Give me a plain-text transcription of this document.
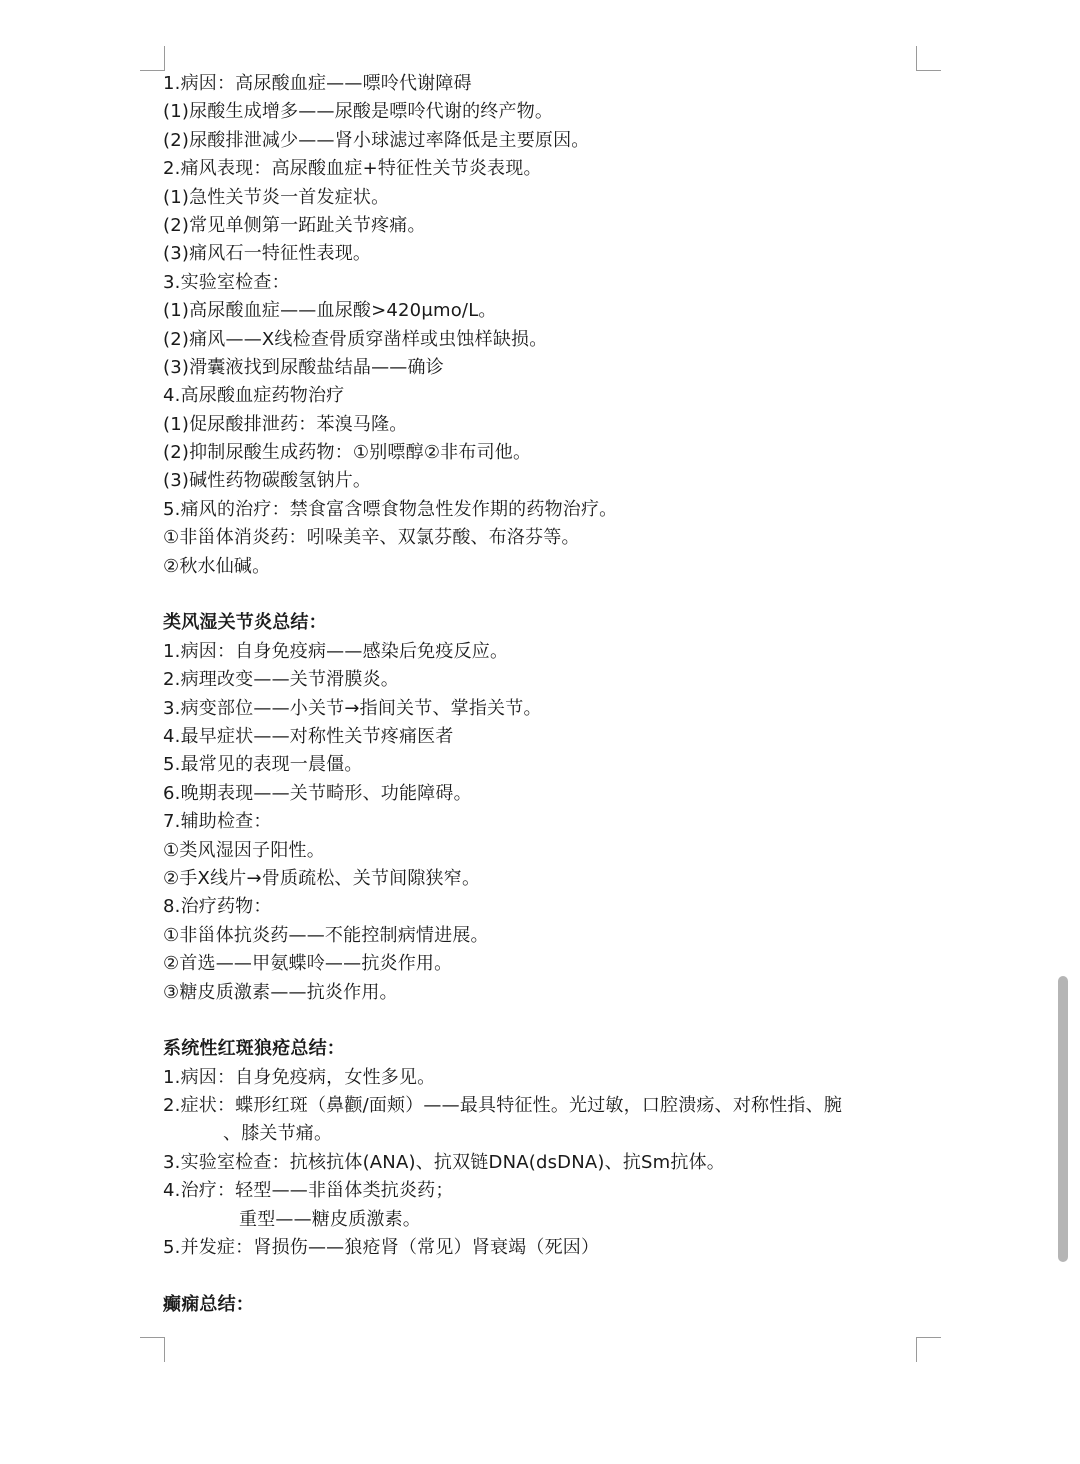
1.病因：高尿酸血症——嘌呤代谢障碍
(1)尿酸生成增多——尿酸是嘌呤代谢的终产物。
(2)尿酸排泄减少——肾小球滤过率降低是主要原因。
2.痛风表现：高尿酸血症+特征性关节炎表现。
(1)急性关节炎一首发症状。
(2)常见单侧第一跖趾关节疼痛。
(3)痛风石一特征性表现。
3.实验室检查：
(1)高尿酸血症——血尿酸>420μmo/L。
(2)痛风——X线检查骨质穿凿样或虫蚀样缺损。
(3)滑囊液找到尿酸盐结晶——确诊
4.高尿酸血症药物治疗
(1)促尿酸排泄药：苯溴马隆。
(2)抑制尿酸生成药物：①别嘌醇②非布司他。
(3)碱性药物碳酸氢钠片。
5.痛风的治疗：禁食富含嘌食物急性发作期的药物治疗。
①非甾体消炎药：吲哚美辛、双氯芬酸、布洛芬等。
②秋水仙碱。
类风湿关节炎总结：
1.病因：自身免疫病——感染后免疫反应。
2.病理改变——关节滑膜炎。
3.病变部位——小关节→指间关节、掌指关节。
4.最早症状——对称性关节疼痛医者
5.最常见的表现一晨僵。
6.晚期表现——关节畸形、功能障碍。
7.辅助检查：
①类风湿因子阳性。
②手X线片→骨质疏松、关节间隙狭窄。
8.治疗药物：
①非甾体抗炎药——不能控制病情进展。
②首选——甲氨蝶呤——抗炎作用。
③糖皮质激素——抗炎作用。
系统性红斑狼疮总结：
1.病因：自身免疫病，女性多见。
2.症状：蝶形红斑（鼻颧/面颊）——最具特征性。光过敏，口腔溃疡、对称性指、腕
、膝关节痛。
3.实验室检查：抗核抗体(ANA)、抗双链DNA(dsDNA)、抗Sm抗体。
4.治疗：轻型——非甾体类抗炎药；
重型——糖皮质激素。
5.并发症：肾损伤——狼疮肾（常见）肾衰竭（死因）
癫痫总结：
